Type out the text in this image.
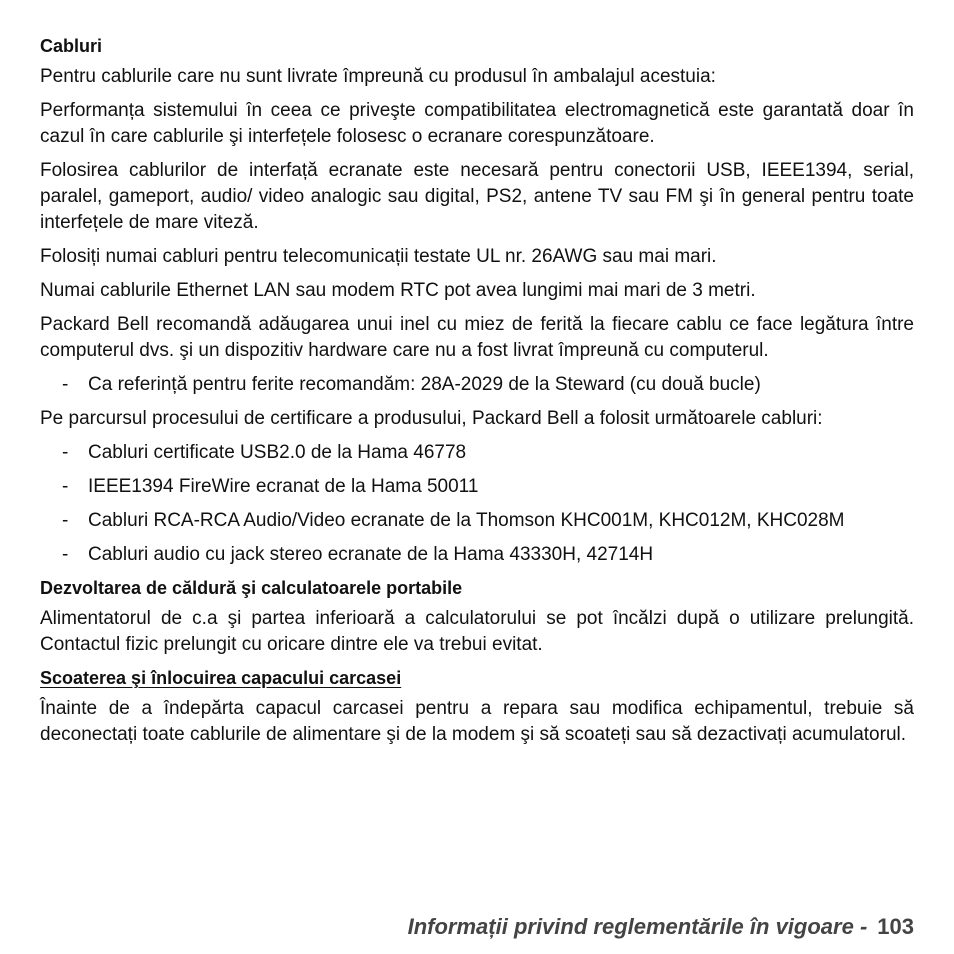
Cabluri

Pentru cablurile care nu sunt livrate împreună cu produsul în ambalajul acestuia:

Performanța sistemului în ceea ce priveşte compatibilitatea electromagnetică este garantată doar în cazul în care cablurile şi interfețele folosesc o ecranare corespunzătoare.

Folosirea cablurilor de interfață ecranate este necesară pentru conectorii USB, IEEE1394, serial, paralel, gameport, audio/ video analogic sau digital, PS2, antene TV sau FM şi în general pentru toate interfețele de mare viteză.

Folosiți numai cabluri pentru telecomunicații testate UL nr. 26AWG sau mai mari.

Numai cablurile Ethernet LAN sau modem RTC pot avea lungimi mai mari de 3 metri.

Packard Bell recomandă adăugarea unui inel cu miez de ferită la fiecare cablu ce face legătura între computerul dvs. şi un dispozitiv hardware care nu a fost livrat împreună cu computerul.

- Ca referință pentru ferite recomandăm: 28A-2029 de la Steward (cu două bucle)

Pe parcursul procesului de certificare a produsului, Packard Bell a folosit următoarele cabluri:

- Cabluri certificate USB2.0 de la Hama 46778
- IEEE1394 FireWire ecranat de la Hama 50011
- Cabluri RCA-RCA Audio/Video ecranate de la Thomson KHC001M, KHC012M, KHC028M
- Cabluri audio cu jack stereo ecranate de la Hama 43330H, 42714H
Dezvoltarea de căldură şi calculatoarele portabile

Alimentatorul de c.a şi partea inferioară a calculatorului se pot încălzi după o utilizare prelungită. Contactul fizic prelungit cu oricare dintre ele va trebui evitat.

Scoaterea şi înlocuirea capacului carcasei

Înainte de a îndepărta capacul carcasei pentru a repara sau modifica echipamentul, trebuie să deconectați toate cablurile de alimentare şi de la modem şi să scoateți sau să dezactivați acumulatorul.

Informații privind reglementările în vigoare - 103
